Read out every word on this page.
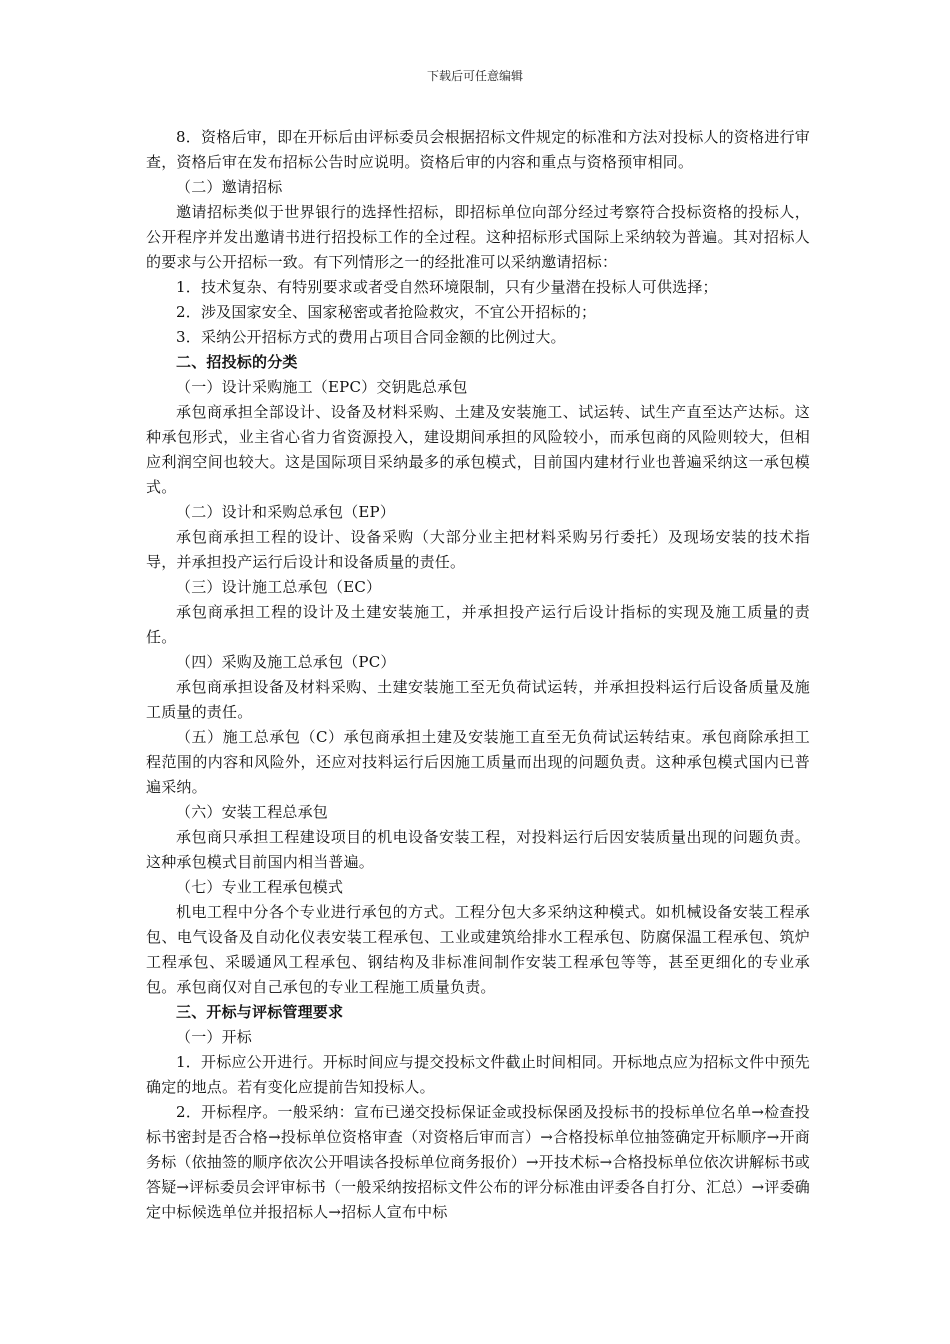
下载后可任意编辑

8．资格后审，即在开标后由评标委员会根据招标文件规定的标准和方法对投标人的资格进行审查，资格后审在发布招标公告时应说明。资格后审的内容和重点与资格预审相同。

（二）邀请招标

邀请招标类似于世界银行的选择性招标，即招标单位向部分经过考察符合投标资格的投标人，公开程序并发出邀请书进行招投标工作的全过程。这种招标形式国际上采纳较为普遍。其对招标人的要求与公开招标一致。有下列情形之一的经批准可以采纳邀请招标：

1．技术复杂、有特别要求或者受自然环境限制，只有少量潜在投标人可供选择；

2．涉及国家安全、国家秘密或者抢险救灾，不宜公开招标的；

3．采纳公开招标方式的费用占项目合同金额的比例过大。

二、招投标的分类

（一）设计采购施工（EPC）交钥匙总承包

承包商承担全部设计、设备及材料采购、土建及安装施工、试运转、试生产直至达产达标。这种承包形式，业主省心省力省资源投入，建设期间承担的风险较小，而承包商的风险则较大，但相应利润空间也较大。这是国际项目采纳最多的承包模式，目前国内建材行业也普遍采纳这一承包模式。

（二）设计和采购总承包（EP）

承包商承担工程的设计、设备采购（大部分业主把材料采购另行委托）及现场安装的技术指导，并承担投产运行后设计和设备质量的责任。

（三）设计施工总承包（EC）

承包商承担工程的设计及土建安装施工，并承担投产运行后设计指标的实现及施工质量的责任。

（四）采购及施工总承包（PC）

承包商承担设备及材料采购、土建安装施工至无负荷试运转，并承担投料运行后设备质量及施工质量的责任。

（五）施工总承包（C）承包商承担土建及安装施工直至无负荷试运转结束。承包商除承担工程范围的内容和风险外，还应对技料运行后因施工质量而出现的问题负责。这种承包模式国内已普遍采纳。

（六）安装工程总承包

承包商只承担工程建设项目的机电设备安装工程，对投料运行后因安装质量出现的问题负责。这种承包模式目前国内相当普遍。

（七）专业工程承包模式

机电工程中分各个专业进行承包的方式。工程分包大多采纳这种模式。如机械设备安装工程承包、电气设备及自动化仪表安装工程承包、工业或建筑给排水工程承包、防腐保温工程承包、筑炉工程承包、采暖通风工程承包、钢结构及非标准间制作安装工程承包等等，甚至更细化的专业承包。承包商仅对自己承包的专业工程施工质量负责。

三、开标与评标管理要求

（一）开标

1．开标应公开进行。开标时间应与提交投标文件截止时间相同。开标地点应为招标文件中预先确定的地点。若有变化应提前告知投标人。

2．开标程序。一般采纳：宣布已递交投标保证金或投标保函及投标书的投标单位名单→检查投标书密封是否合格→投标单位资格审查（对资格后审而言）→合格投标单位抽签确定开标顺序→开商务标（依抽签的顺序依次公开唱读各投标单位商务报价）→开技术标→合格投标单位依次讲解标书或答疑→评标委员会评审标书（一般采纳按招标文件公布的评分标准由评委各自打分、汇总）→评委确定中标候选单位并报招标人→招标人宣布中标
